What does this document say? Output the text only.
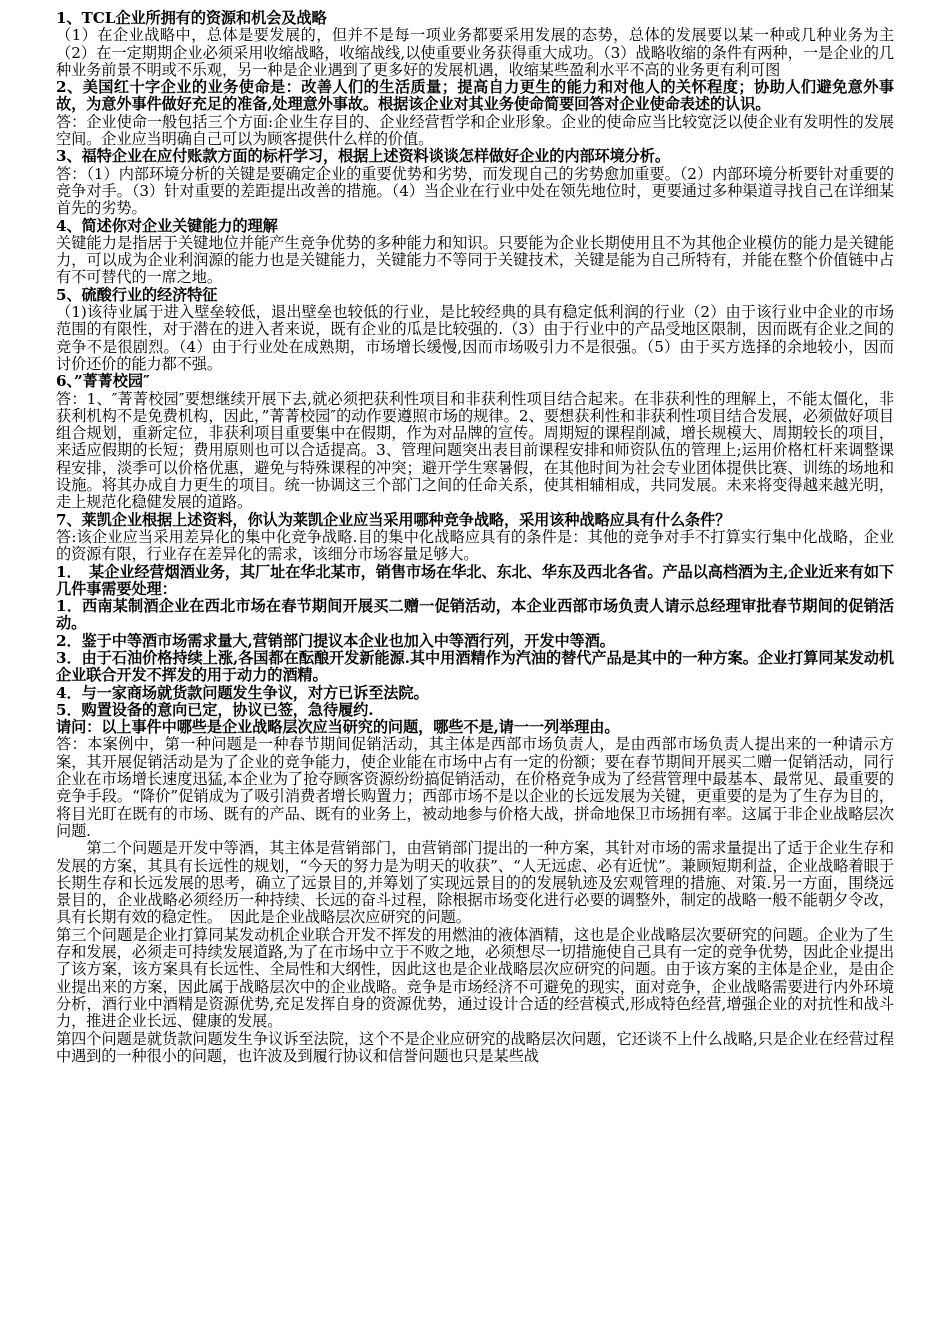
1、TCL企业所拥有的资源和机会及战略

（1）在企业战略中，总体是要发展的，但并不是每一项业务都要采用发展的态势，总体的发展要以某一种或几种业务为主（2）在一定期期企业必须采用收缩战略，收缩战线,以使重要业务获得重大成功。（3）战略收缩的条件有两种，一是企业的几种业务前景不明或不乐观，另一种是企业遇到了更多好的发展机遇，收缩某些盈利水平不高的业务更有利可图

2、美国红十字企业的业务使命是：改善人们的生活质量；提高自力更生的能力和对他人的关怀程度；协助人们避免意外事故，为意外事件做好充足的准备,处理意外事故。根据该企业对其业务使命简要回答对企业使命表述的认识。

答：企业使命一般包括三个方面:企业生存目的、企业经营哲学和企业形象。企业的使命应当比较宽泛以使企业有发明性的发展空间。企业应当明确自己可以为顾客提供什么样的价值。

3、福特企业在应付账款方面的标杆学习，根据上述资料谈谈怎样做好企业的内部环境分析。

答：（1）内部环境分析的关键是要确定企业的重要优势和劣势，而发现自己的劣势愈加重要。（2）内部环境分析要针对重要的竞争对手。（3）针对重要的差距提出改善的措施。（4）当企业在行业中处在领先地位时，更要通过多种渠道寻找自己在详细某首先的劣势。

4、简述你对企业关键能力的理解

关键能力是指居于关键地位并能产生竞争优势的多种能力和知识。只要能为企业长期使用且不为其他企业模仿的能力是关键能力，可以成为企业利润源的能力也是关键能力，关键能力不等同于关键技术，关键是能为自己所特有，并能在整个价值链中占有不可替代的一席之地。

5、硫酸行业的经济特征

（1)该待业属于进入壁垒较低，退出壁垒也较低的行业，是比较经典的具有稳定低利润的行业（2）由于该行业中企业的市场范围的有限性，对于潜在的进入者来说，既有企业的瓜是比较强的.（3）由于行业中的产品受地区限制，因而既有企业之间的竞争不是很剧烈。（4）由于行业处在成熟期，市场增长缓慢,因而市场吸引力不是很强。（5）由于买方选择的余地较小，因而讨价还价的能力都不强。

6、”菁菁校园″

答：1、″菁菁校园″要想继续开展下去,就必须把获利性项目和非获利性项目结合起来。在非获利性的理解上，不能太僵化，非获利机构不是免费机构，因此，”菁菁校园″的动作要遵照市场的规律。2、要想获利性和非获利性项目结合发展，必须做好项目组合规划，重新定位，非获利项目重要集中在假期，作为对品牌的宣传。周期短的课程削减，增长规模大、周期较长的项目，来适应假期的长短；费用原则也可以合适提高。3、管理问题突出表目前课程安排和师资队伍的管理上;运用价格杠杆来调整课程安排，淡季可以价格优惠，避免与特殊课程的冲突；避开学生寒暑假，在其他时间为社会专业团体提供比赛、训练的场地和设施。将其办成自力更生的项目。统一协调这三个部门之间的任命关系，使其相辅相成，共同发展。未来将变得越来越光明，走上规范化稳健发展的道路。

7、莱凯企业根据上述资料，你认为莱凯企业应当采用哪种竞争战略，采用该种战略应具有什么条件？

答:该企业应当采用差异化的集中化竞争战略.目的集中化战略应具有的条件是：其他的竞争对手不打算实行集中化战略，企业的资源有限，行业存在差异化的需求，该细分市场容量足够大。

1．　某企业经营烟酒业务，其厂址在华北某市，销售市场在华北、东北、华东及西北各省。产品以高档酒为主,企业近来有如下几件事需要处理：

1．西南某制酒企业在西北市场在春节期间开展买二赠一促销活动，本企业西部市场负责人请示总经理审批春节期间的促销活动。

2．鉴于中等酒市场需求量大,营销部门提议本企业也加入中等酒行列，开发中等酒。

3．由于石油价格持续上涨,各国都在酝酿开发新能源.其中用酒精作为汽油的替代产品是其中的一种方案。企业打算同某发动机企业联合开发不挥发的用于动力的酒精。

4．与一家商场就货款问题发生争议，对方已诉至法院。

5．购置设备的意向已定，协议已签，急待履约.

请问：以上事件中哪些是企业战略层次应当研究的问题，哪些不是,请一一列举理由。

答：本案例中，第一种问题是一种春节期间促销活动，其主体是西部市场负责人，是由西部市场负责人提出来的一种请示方案，其开展促销活动是为了企业的竞争能力，使企业能在市场中占有一定的份额；要在春节期间开展买二赠一促销活动，同行企业在市场增长速度迅猛,本企业为了抢夺顾客资源纷纷搞促销活动，在价格竞争成为了经营管理中最基本、最常见、最重要的竞争手段。“降价”促销成为了吸引消费者增长购置力；西部市场不是以企业的长远发展为关键，更重要的是为了生存为目的，将目光盯在既有的市场、既有的产品、既有的业务上，被动地参与价格大战，拼命地保卫市场拥有率。这属于非企业战略层次问题.

第二个问题是开发中等酒，其主体是营销部门，由营销部门提出的一种方案，其针对市场的需求量提出了适于企业生存和发展的方案，其具有长远性的规划，“今天的努力是为明天的收获”、“人无远虑、必有近忧”。兼顾短期利益，企业战略着眼于长期生存和长远发展的思考，确立了远景目的,并筹划了实现远景目的的发展轨迹及宏观管理的措施、对策.另一方面，围绕远景目的，企业战略必须经历一种持续、长远的奋斗过程，除根据市场变化进行必要的调整外，制定的战略一般不能朝夕令改，具有长期有效的稳定性。　因此是企业战略层次应研究的问题。

第三个问题是企业打算同某发动机企业联合开发不挥发的用燃油的液体酒精，这也是企业战略层次要研究的问题。企业为了生存和发展，必须走可持续发展道路,为了在市场中立于不败之地，必须想尽一切措施使自己具有一定的竞争优势，因此企业提出了该方案，该方案具有长远性、全局性和大纲性，因此这也是企业战略层次应研究的问题。由于该方案的主体是企业，是由企业提出来的方案，因此属于战略层次中的企业战略。竞争是市场经济不可避免的现实，面对竞争，企业战略需要进行内外环境分析，酒行业中酒精是资源优势,充足发挥自身的资源优势，通过设计合适的经营模式,形成特色经营,增强企业的对抗性和战斗力，推进企业长远、健康的发展。

第四个问题是就货款问题发生争议诉至法院，这个不是企业应研究的战略层次问题，它还谈不上什么战略,只是企业在经营过程中遇到的一种很小的问题，也许波及到履行协议和信誉问题也只是某些战
